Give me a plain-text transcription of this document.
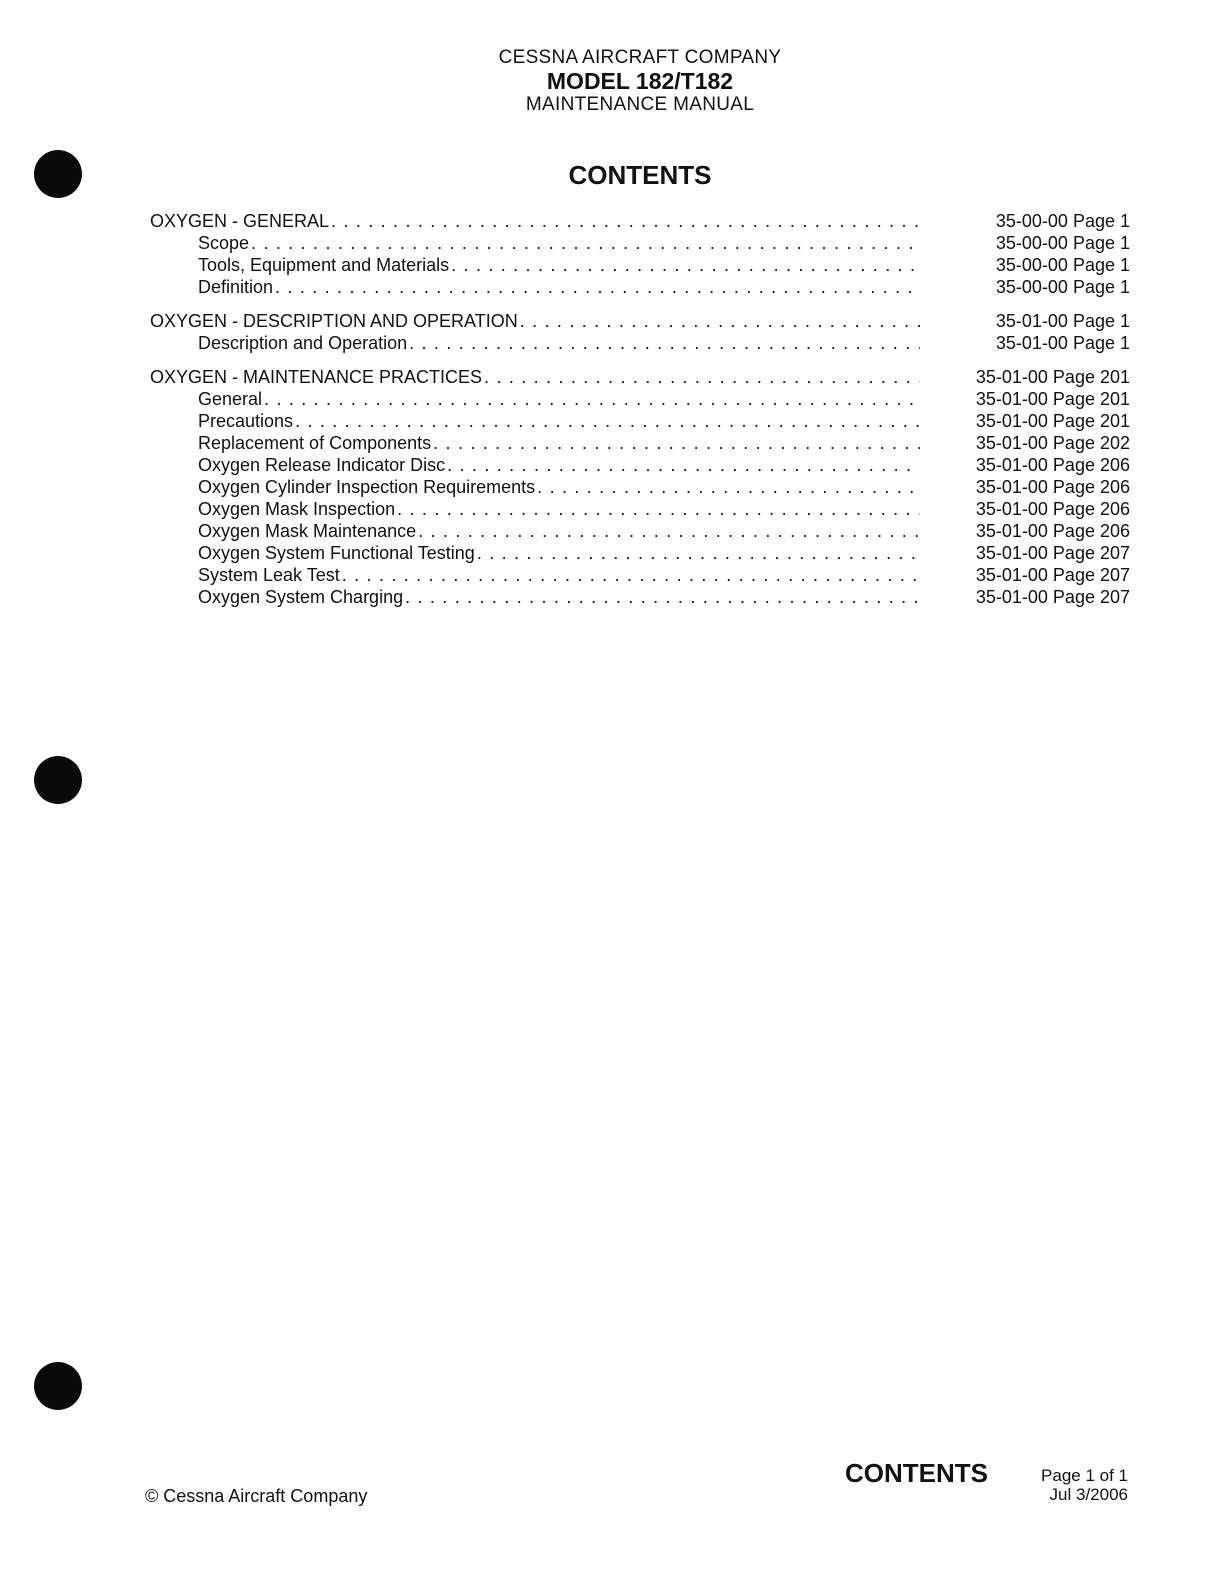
CESSNA AIRCRAFT COMPANY
MODEL 182/T182
MAINTENANCE MANUAL
CONTENTS
OXYGEN - GENERAL . . .	35-00-00 Page 1
Scope . . .	35-00-00 Page 1
Tools, Equipment and Materials . . .	35-00-00 Page 1
Definition . . .	35-00-00 Page 1
OXYGEN - DESCRIPTION AND OPERATION . . .	35-01-00 Page 1
Description and Operation . . .	35-01-00 Page 1
OXYGEN - MAINTENANCE PRACTICES . . .	35-01-00 Page 201
General . . .	35-01-00 Page 201
Precautions . . .	35-01-00 Page 201
Replacement of Components . . .	35-01-00 Page 202
Oxygen Release Indicator Disc . . .	35-01-00 Page 206
Oxygen Cylinder Inspection Requirements . . .	35-01-00 Page 206
Oxygen Mask Inspection . . .	35-01-00 Page 206
Oxygen Mask Maintenance . . .	35-01-00 Page 206
Oxygen System Functional Testing . . .	35-01-00 Page 207
System Leak Test . . .	35-01-00 Page 207
Oxygen System Charging . . .	35-01-00 Page 207
© Cessna Aircraft Company
CONTENTS	Page 1 of 1
Jul 3/2006
